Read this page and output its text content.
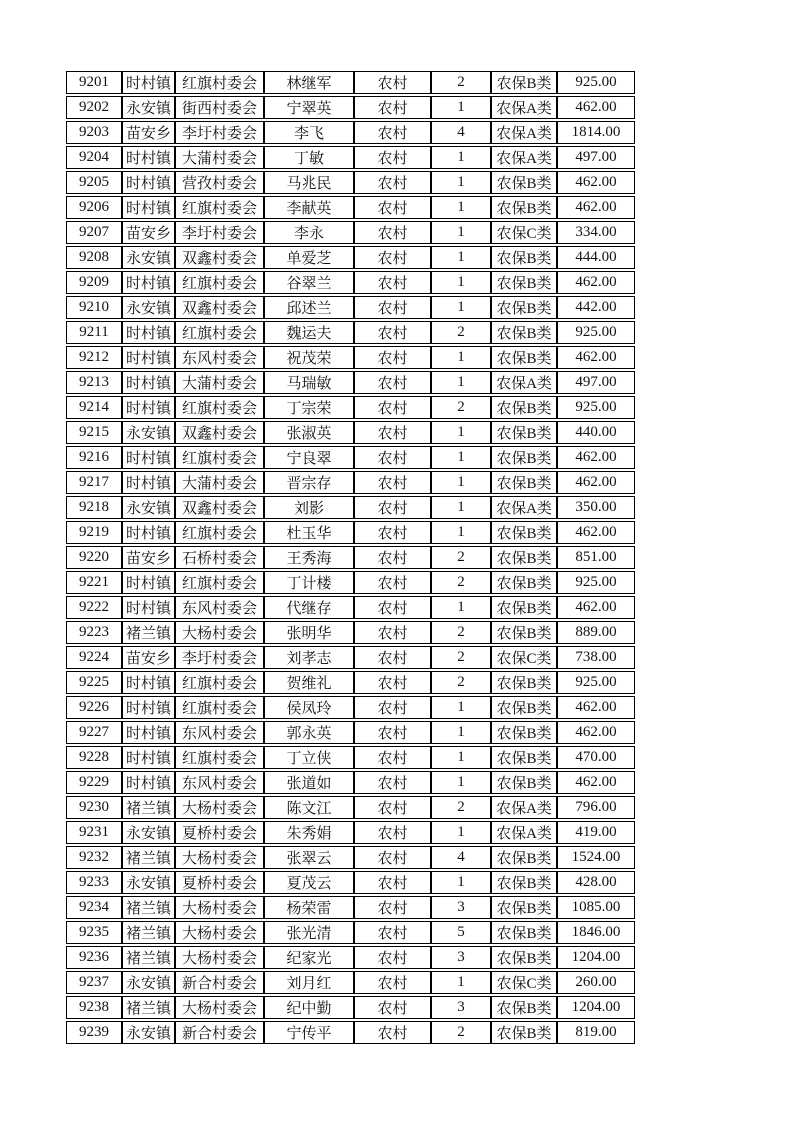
9201	时村镇	红旗村委会	林继军	农村	2	农保B类	925.00
9202	永安镇	街西村委会	宁翠英	农村	1	农保A类	462.00
9203	苗安乡	李圩村委会	李飞	农村	4	农保A类	1814.00
9204	时村镇	大蒲村委会	丁敏	农村	1	农保A类	497.00
9205	时村镇	营孜村委会	马兆民	农村	1	农保B类	462.00
9206	时村镇	红旗村委会	李献英	农村	1	农保B类	462.00
9207	苗安乡	李圩村委会	李永	农村	1	农保C类	334.00
9208	永安镇	双鑫村委会	单爱芝	农村	1	农保B类	444.00
9209	时村镇	红旗村委会	谷翠兰	农村	1	农保B类	462.00
9210	永安镇	双鑫村委会	邱述兰	农村	1	农保B类	442.00
9211	时村镇	红旗村委会	魏运夫	农村	2	农保B类	925.00
9212	时村镇	东风村委会	祝茂荣	农村	1	农保B类	462.00
9213	时村镇	大蒲村委会	马瑞敏	农村	1	农保A类	497.00
9214	时村镇	红旗村委会	丁宗荣	农村	2	农保B类	925.00
9215	永安镇	双鑫村委会	张淑英	农村	1	农保B类	440.00
9216	时村镇	红旗村委会	宁良翠	农村	1	农保B类	462.00
9217	时村镇	大蒲村委会	晋宗存	农村	1	农保B类	462.00
9218	永安镇	双鑫村委会	刘影	农村	1	农保A类	350.00
9219	时村镇	红旗村委会	杜玉华	农村	1	农保B类	462.00
9220	苗安乡	石桥村委会	王秀海	农村	2	农保B类	851.00
9221	时村镇	红旗村委会	丁计楼	农村	2	农保B类	925.00
9222	时村镇	东风村委会	代继存	农村	1	农保B类	462.00
9223	褚兰镇	大杨村委会	张明华	农村	2	农保B类	889.00
9224	苗安乡	李圩村委会	刘孝志	农村	2	农保C类	738.00
9225	时村镇	红旗村委会	贺维礼	农村	2	农保B类	925.00
9226	时村镇	红旗村委会	侯凤玲	农村	1	农保B类	462.00
9227	时村镇	东风村委会	郭永英	农村	1	农保B类	462.00
9228	时村镇	红旗村委会	丁立侠	农村	1	农保B类	470.00
9229	时村镇	东风村委会	张道如	农村	1	农保B类	462.00
9230	褚兰镇	大杨村委会	陈文江	农村	2	农保A类	796.00
9231	永安镇	夏桥村委会	朱秀娟	农村	1	农保A类	419.00
9232	褚兰镇	大杨村委会	张翠云	农村	4	农保B类	1524.00
9233	永安镇	夏桥村委会	夏茂云	农村	1	农保B类	428.00
9234	褚兰镇	大杨村委会	杨荣雷	农村	3	农保B类	1085.00
9235	褚兰镇	大杨村委会	张光清	农村	5	农保B类	1846.00
9236	褚兰镇	大杨村委会	纪家光	农村	3	农保B类	1204.00
9237	永安镇	新合村委会	刘月红	农村	1	农保C类	260.00
9238	褚兰镇	大杨村委会	纪中勤	农村	3	农保B类	1204.00
9239	永安镇	新合村委会	宁传平	农村	2	农保B类	819.00
